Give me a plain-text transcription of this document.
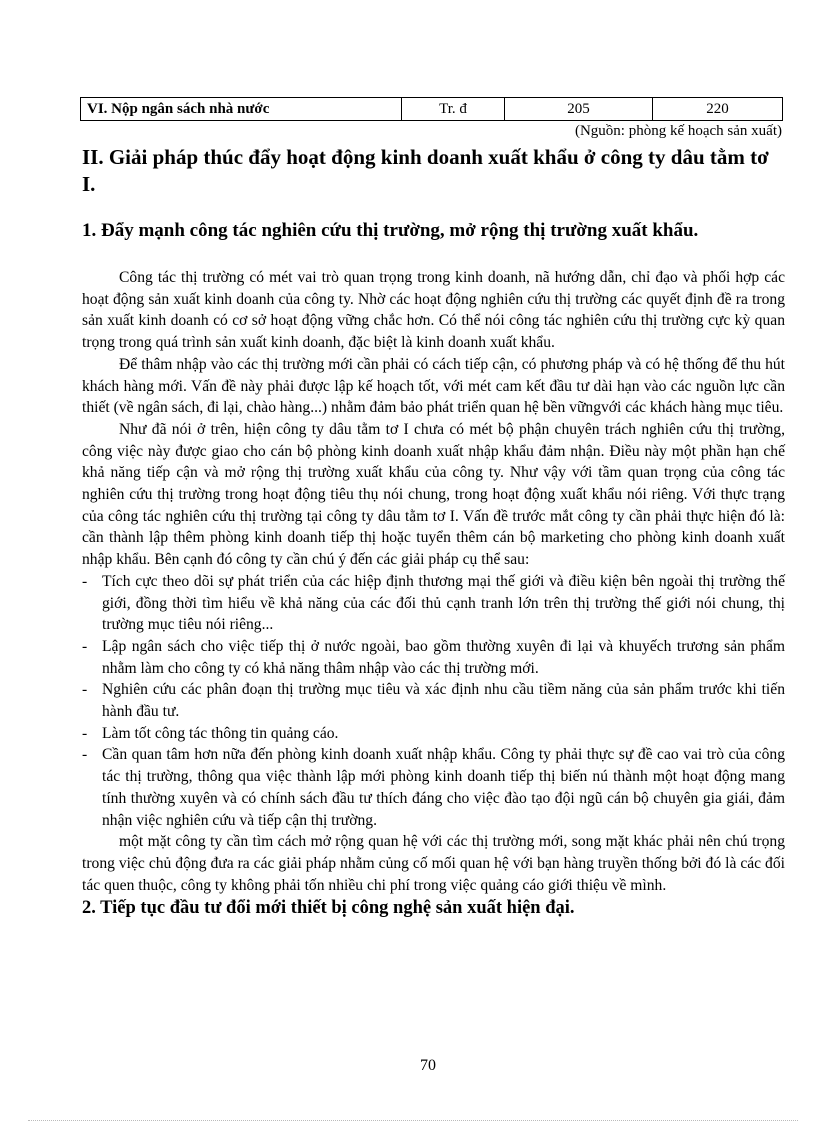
VI. Nộp ngân sách nhà nước	Tr. đ	205	220
(Nguồn: phòng kế hoạch sản xuất)
II. Giải pháp thúc đẩy hoạt động kinh doanh xuất khẩu ở công ty dâu tằm tơ I.
1. Đẩy mạnh công tác nghiên cứu thị trường, mở rộng thị trường xuất khẩu.

Công tác thị trường có mét vai trò quan trọng trong kinh doanh, nã hướng dẫn, chỉ đạo và phối hợp các hoạt động sản xuất kinh doanh của công ty. Nhờ các hoạt động nghiên cứu thị trường các quyết định đề ra trong sản xuất kinh doanh có cơ sở hoạt động vững chắc hơn. Có thể nói công tác nghiên cứu thị trường cực kỳ quan trọng trong quá trình sản xuất kinh doanh, đặc biệt là kinh doanh xuất khẩu.

Để thâm nhập vào các thị trường mới cần phải có cách tiếp cận, có phương pháp và có hệ thống để thu hút khách hàng mới. Vấn đề này phải được lập kế hoạch tốt, với mét cam kết đầu tư dài hạn vào các nguồn lực cần thiết (về ngân sách, đi lại, chào hàng...) nhằm đảm bảo phát triển quan hệ bền vữngvới các khách hàng mục tiêu.

Như đã nói ở trên, hiện công ty dâu tằm tơ I chưa có mét bộ phận chuyên trách nghiên cứu thị trường, công việc này được giao cho cán bộ phòng kinh doanh xuất nhập khẩu đảm nhận. Điều này một phần hạn chế khả năng tiếp cận và mở rộng thị trường xuất khẩu của công ty. Như vậy với tầm quan trọng của công tác nghiên cứu thị trường trong hoạt động tiêu thụ nói chung, trong hoạt động xuất khẩu nói riêng. Với thực trạng của công tác nghiên cứu thị trường tại công ty dâu tằm tơ I. Vấn đề trước mắt công ty cần phải thực hiện đó là: cần thành lập thêm phòng kinh doanh tiếp thị hoặc tuyển thêm cán bộ marketing cho phòng kinh doanh xuất nhập khẩu. Bên cạnh đó công ty cần chú ý đến các giải pháp cụ thể sau:

- Tích cực theo dõi sự phát triển của các hiệp định thương mại thế giới và điều kiện bên ngoài thị trường thế giới, đồng thời tìm hiểu về khả năng của các đối thủ cạnh tranh lớn trên thị trường thế giới nói chung, thị trường mục tiêu nói riêng...
- Lập ngân sách cho việc tiếp thị ở nước ngoài, bao gồm thường xuyên đi lại và khuyếch trương sản phẩm nhằm làm cho công ty có khả năng thâm nhập vào các thị trường mới.
- Nghiên cứu các phân đoạn thị trường mục tiêu và xác định nhu cầu tiềm năng của sản phẩm trước khi tiến hành đầu tư.
- Làm tốt công tác thông tin quảng cáo.
- Cần quan tâm hơn nữa đến phòng kinh doanh xuất nhập khẩu. Công ty phải thực sự đề cao vai trò của công tác thị trường, thông qua việc thành lập mới phòng kinh doanh tiếp thị biến nú thành một hoạt động mang tính thường xuyên và có chính sách đầu tư thích đáng cho việc đào tạo đội ngũ cán bộ chuyên gia giái, đảm nhận việc nghiên cứu và tiếp cận thị trường.

một mặt công ty cần tìm cách mở rộng quan hệ với các thị trường mới, song mặt khác phải nên chú trọng trong việc chủ động đưa ra các giải pháp nhằm củng cố mối quan hệ với bạn hàng truyền thống bởi đó là các đối tác quen thuộc, công ty không phải tốn nhiều chi phí trong việc quảng cáo giới thiệu về mình.

2. Tiếp tục đầu tư đổi mới thiết bị công nghệ sản xuất hiện đại.
70
